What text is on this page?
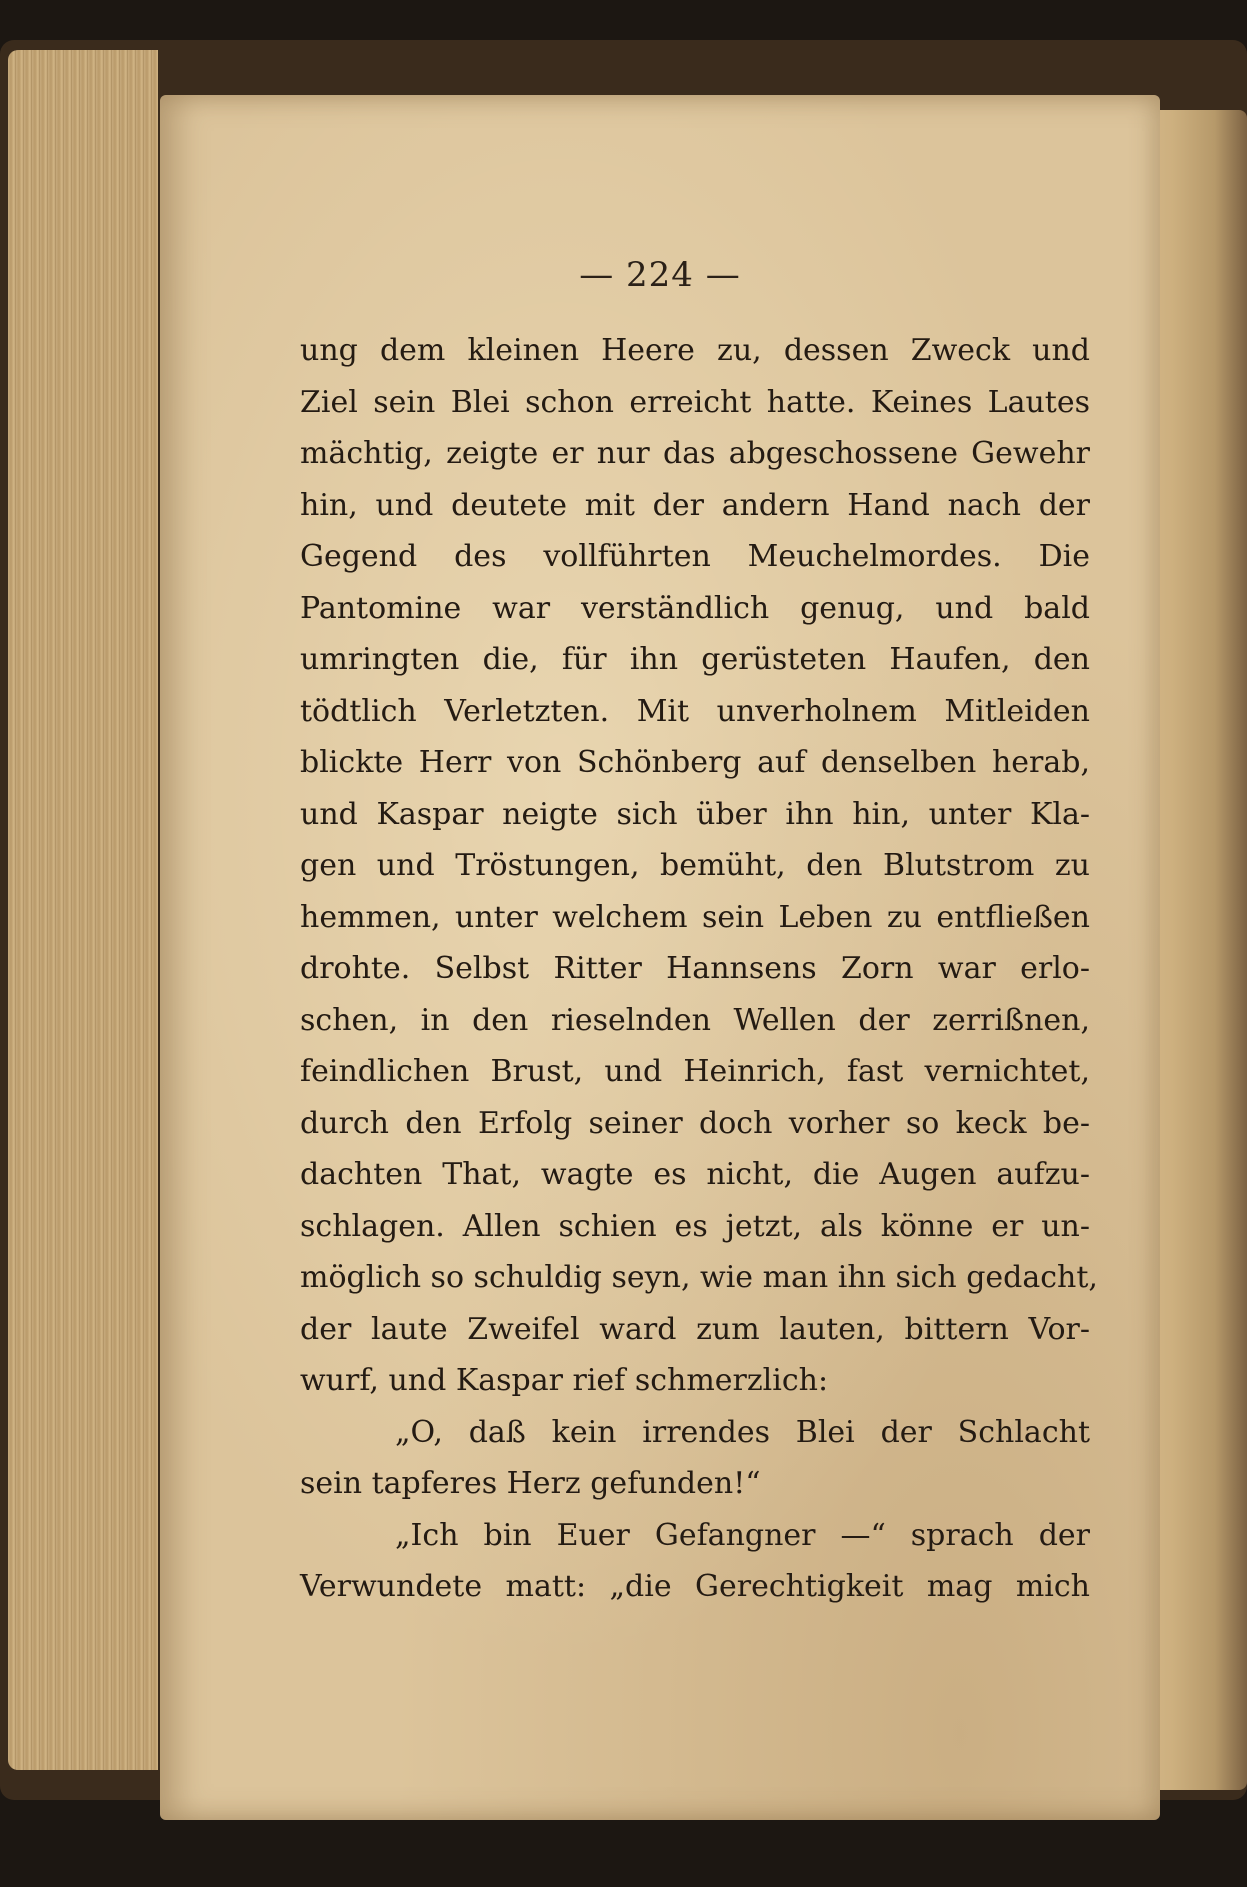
— 224 —
ung dem kleinen Heere zu, dessen Zweck und
Ziel sein Blei schon erreicht hatte. Keines Lautes
mächtig, zeigte er nur das abgeschossene Gewehr
hin, und deutete mit der andern Hand nach der
Gegend des vollführten Meuchelmordes. Die
Pantomine war verständlich genug, und bald
umringten die, für ihn gerüsteten Haufen, den
tödtlich Verletzten. Mit unverholnem Mitleiden
blickte Herr von Schönberg auf denselben herab,
und Kaspar neigte sich über ihn hin, unter Kla-
gen und Tröstungen, bemüht, den Blutstrom zu
hemmen, unter welchem sein Leben zu entfließen
drohte. Selbst Ritter Hannsens Zorn war erlo-
schen, in den rieselnden Wellen der zerrißnen,
feindlichen Brust, und Heinrich, fast vernichtet,
durch den Erfolg seiner doch vorher so keck be-
dachten That, wagte es nicht, die Augen aufzu-
schlagen. Allen schien es jetzt, als könne er un-
möglich so schuldig seyn, wie man ihn sich gedacht,
der laute Zweifel ward zum lauten, bittern Vor-
wurf, und Kaspar rief schmerzlich:
„O, daß kein irrendes Blei der Schlacht
sein tapferes Herz gefunden!“
„Ich bin Euer Gefangner —“ sprach der
Verwundete matt: „die Gerechtigkeit mag mich
